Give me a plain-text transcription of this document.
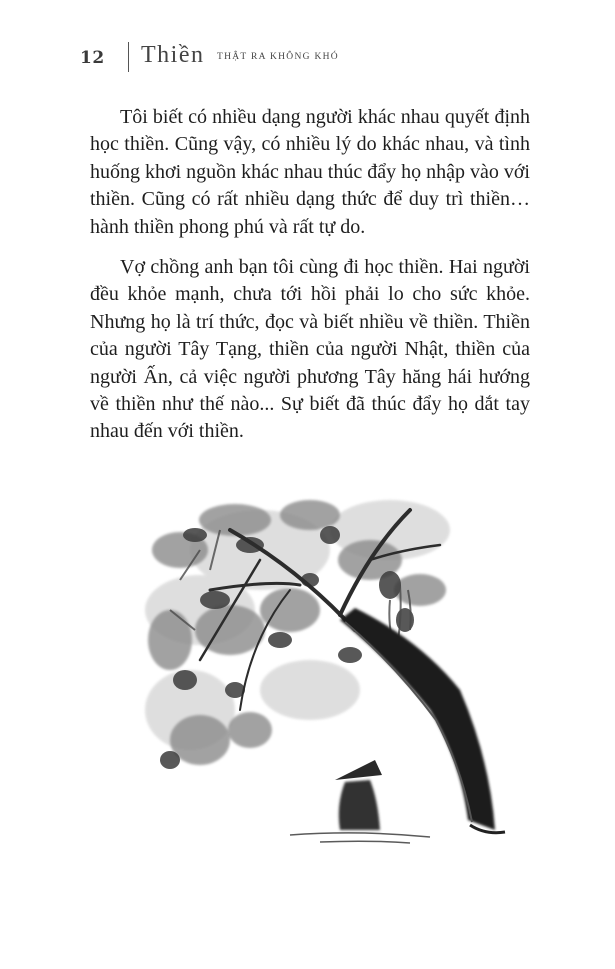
12 Thiền THẬT RA KHÔNG KHÓ

Tôi biết có nhiều dạng người khác nhau quyết định học thiền. Cũng vậy, có nhiều lý do khác nhau, và tình huống khơi nguồn khác nhau thúc đẩy họ nhập vào với thiền. Cũng có rất nhiều dạng thức để duy trì thiền… hành thiền phong phú và rất tự do.

Vợ chồng anh bạn tôi cùng đi học thiền. Hai người đều khỏe mạnh, chưa tới hồi phải lo cho sức khỏe. Nhưng họ là trí thức, đọc và biết nhiều về thiền. Thiền của người Tây Tạng, thiền của người Nhật, thiền của người Ấn, cả việc người phương Tây hăng hái hướng về thiền như thế nào... Sự biết đã thúc đẩy họ dắt tay nhau đến với thiền.
